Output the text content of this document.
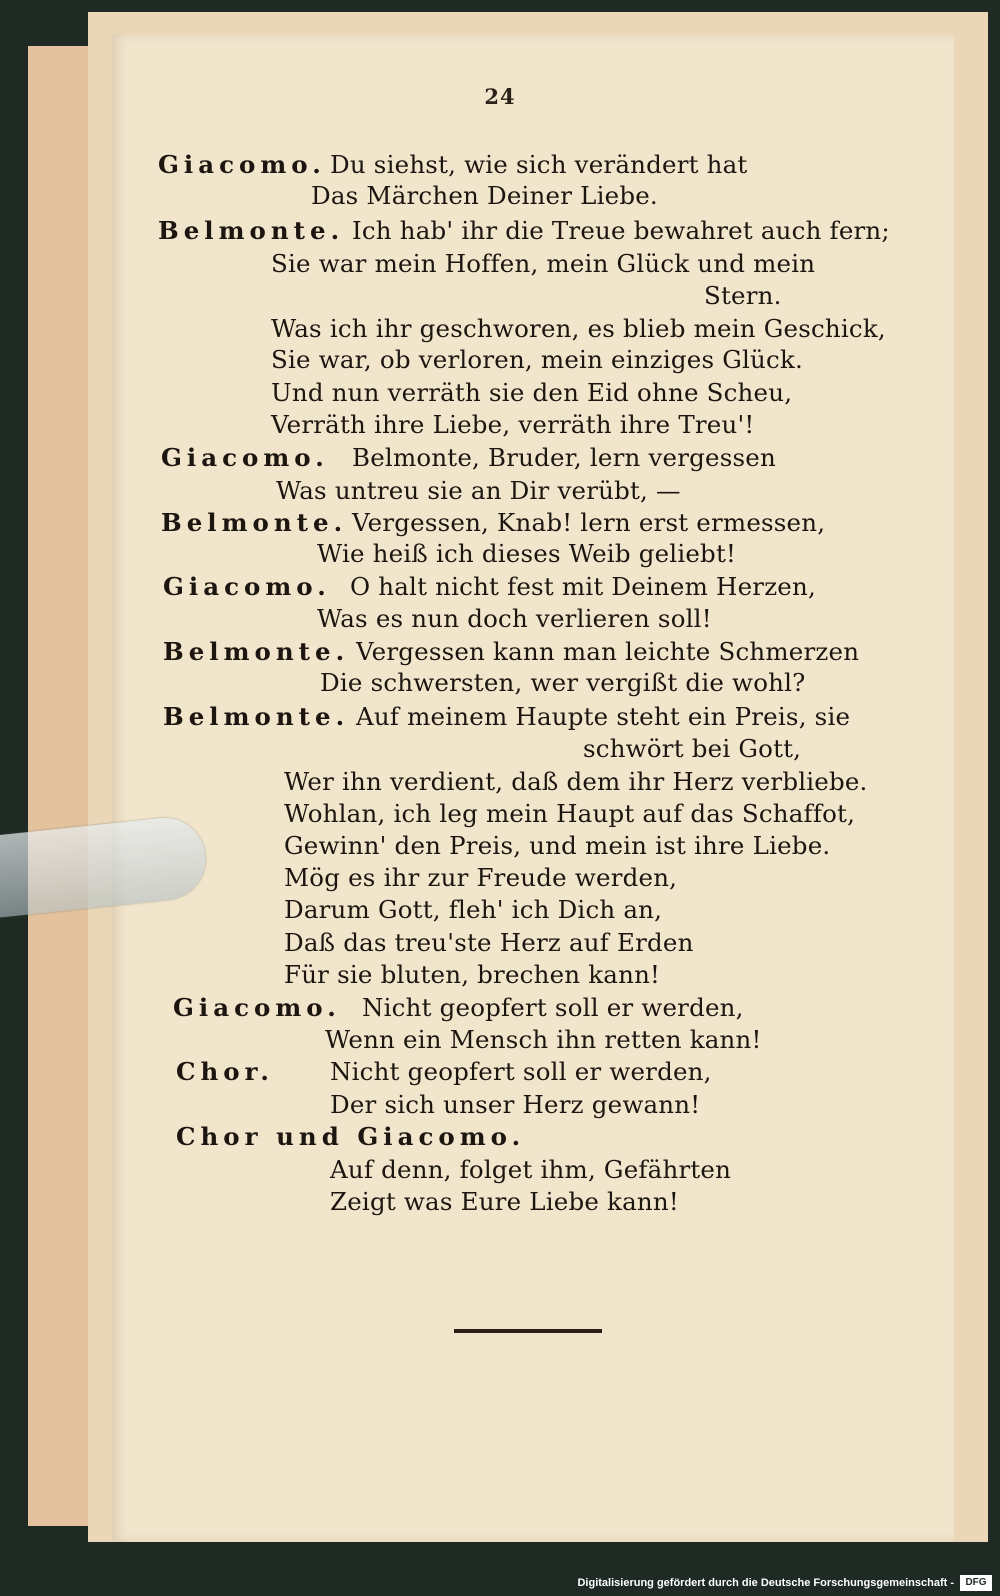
24
Giacomo. Du siehst, wie sich verändert hat
Das Märchen Deiner Liebe.
Belmonte. Ich hab' ihr die Treue bewahret auch fern;
Sie war mein Hoffen, mein Glück und mein
Stern.
Was ich ihr geschworen, es blieb mein Geschick,
Sie war, ob verloren, mein einziges Glück.
Und nun verräth sie den Eid ohne Scheu,
Verräth ihre Liebe, verräth ihre Treu'!
Giacomo. Belmonte, Bruder, lern vergessen
Was untreu sie an Dir verübt, —
Belmonte. Vergessen, Knab! lern erst ermessen,
Wie heiß ich dieses Weib geliebt!
Giacomo. O halt nicht fest mit Deinem Herzen,
Was es nun doch verlieren soll!
Belmonte. Vergessen kann man leichte Schmerzen
Die schwersten, wer vergißt die wohl?
Belmonte. Auf meinem Haupte steht ein Preis, sie
schwört bei Gott,
Wer ihn verdient, daß dem ihr Herz verbliebe.
Wohlan, ich leg mein Haupt auf das Schaffot,
Gewinn' den Preis, und mein ist ihre Liebe.
Mög es ihr zur Freude werden,
Darum Gott, fleh' ich Dich an,
Daß das treu'ste Herz auf Erden
Für sie bluten, brechen kann!
Giacomo. Nicht geopfert soll er werden,
Wenn ein Mensch ihn retten kann!
Chor. Nicht geopfert soll er werden,
Der sich unser Herz gewann!
Chor und Giacomo.
Auf denn, folget ihm, Gefährten
Zeigt was Eure Liebe kann!
Digitalisierung gefördert durch die Deutsche Forschungsgemeinschaft -	DFG
